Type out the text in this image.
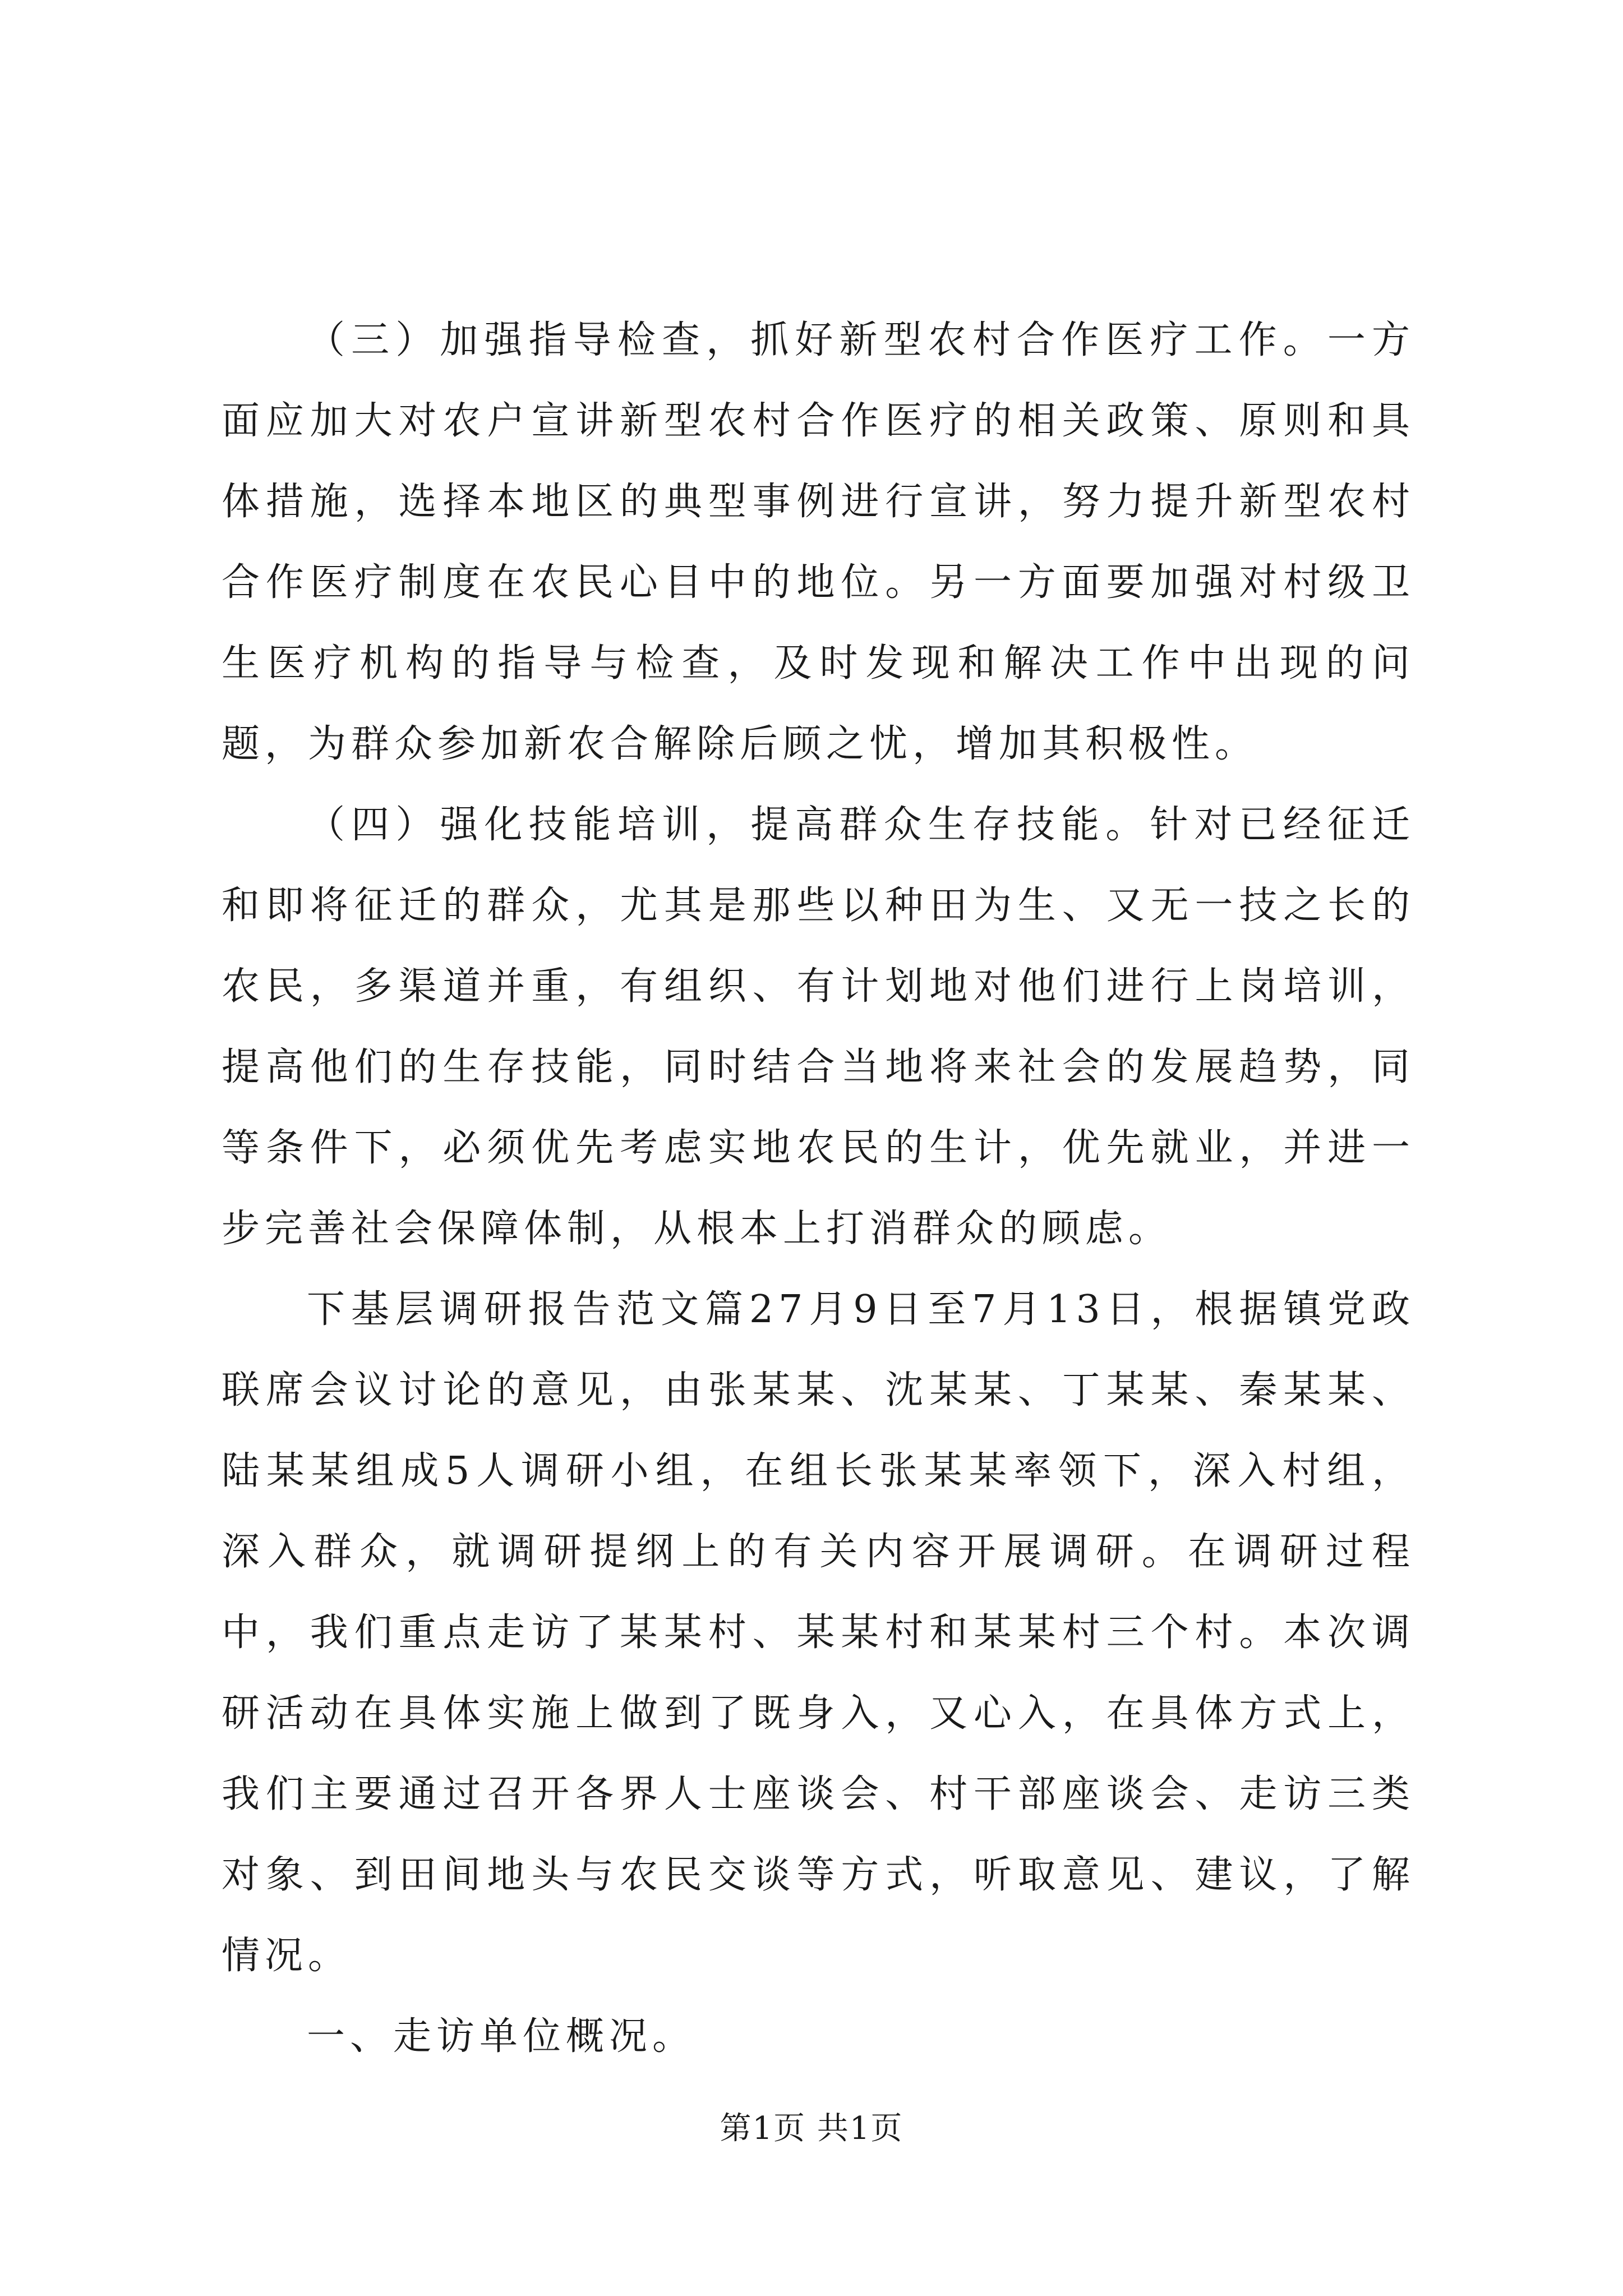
（三）加强指导检查，抓好新型农村合作医疗工作。一方面应加大对农户宣讲新型农村合作医疗的相关政策、原则和具体措施，选择本地区的典型事例进行宣讲，努力提升新型农村合作医疗制度在农民心目中的地位。另一方面要加强对村级卫生医疗机构的指导与检查，及时发现和解决工作中出现的问题，为群众参加新农合解除后顾之忧，增加其积极性。

（四）强化技能培训，提高群众生存技能。针对已经征迁和即将征迁的群众，尤其是那些以种田为生、又无一技之长的农民，多渠道并重，有组织、有计划地对他们进行上岗培训，提高他们的生存技能，同时结合当地将来社会的发展趋势，同等条件下，必须优先考虑实地农民的生计，优先就业，并进一步完善社会保障体制，从根本上打消群众的顾虑。

下基层调研报告范文篇27月9日至7月13日，根据镇党政联席会议讨论的意见，由张某某、沈某某、丁某某、秦某某、陆某某组成5人调研小组，在组长张某某率领下，深入村组，深入群众，就调研提纲上的有关内容开展调研。在调研过程中，我们重点走访了某某村、某某村和某某村三个村。本次调研活动在具体实施上做到了既身入，又心入，在具体方式上，我们主要通过召开各界人士座谈会、村干部座谈会、走访三类对象、到田间地头与农民交谈等方式，听取意见、建议，了解情况。

一、走访单位概况。

第1页 共1页
